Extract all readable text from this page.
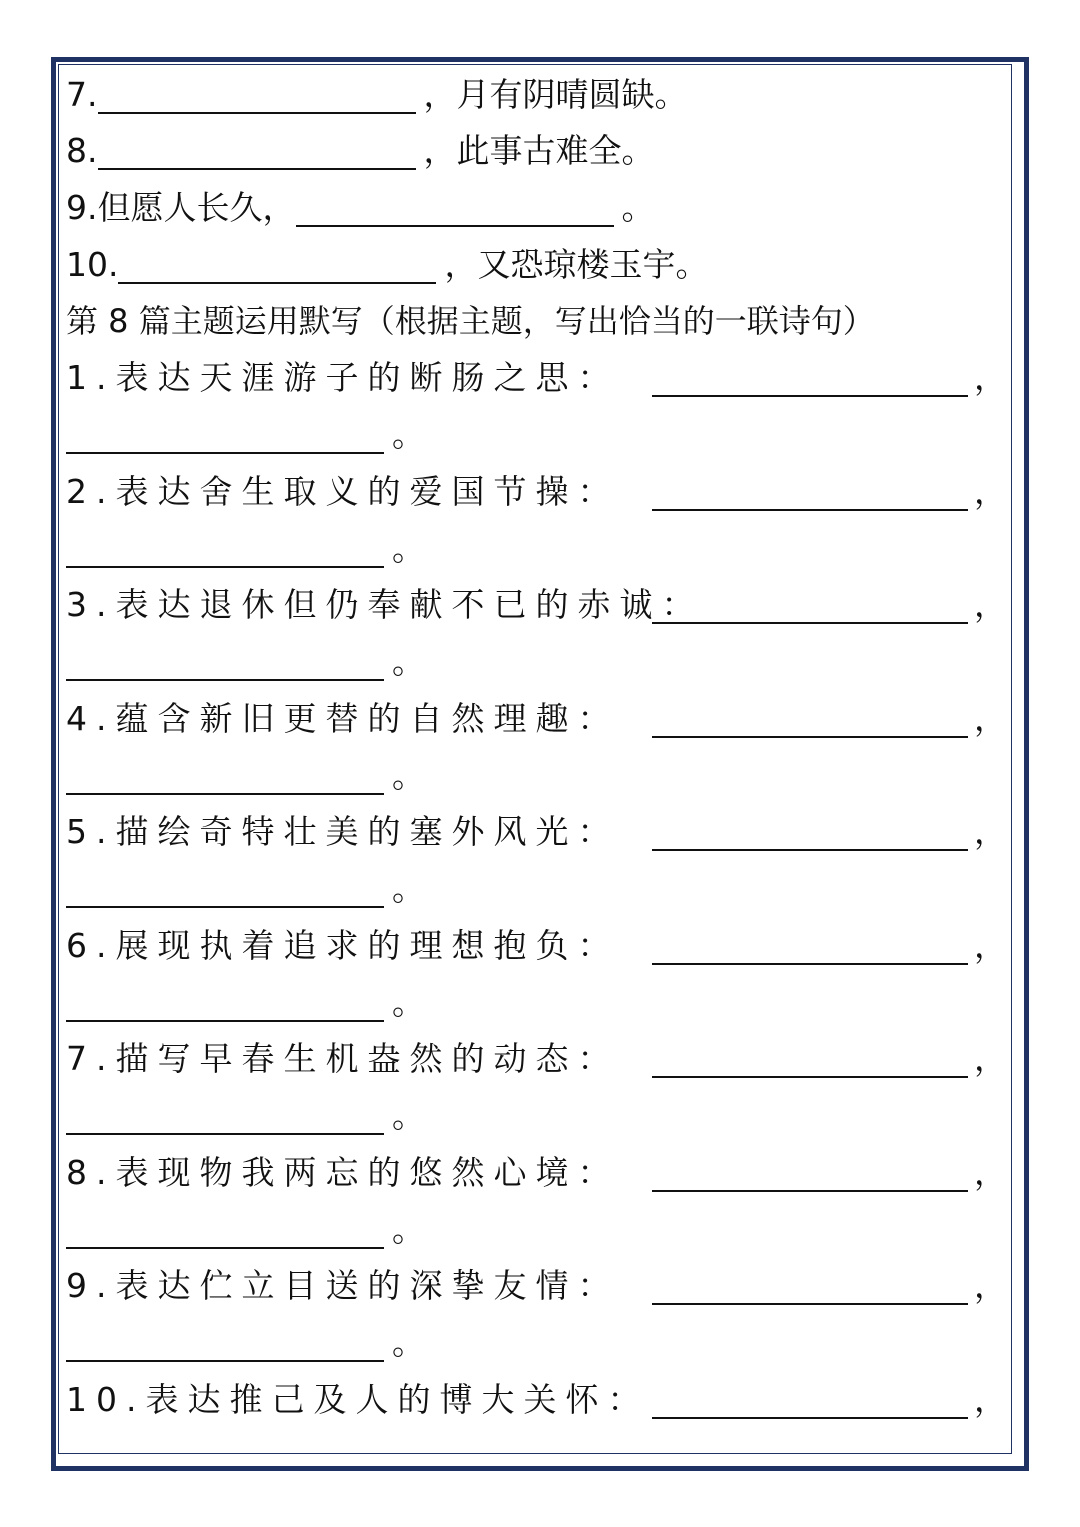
7.	，月有阴晴圆缺。
8.	，此事古难全。
9.但愿人长久，	。
10.	，又恐琼楼玉宇。
第 8 篇主题运用默写（根据主题，写出恰当的一联诗句）
1.表达天涯游子的断肠之思：	，
。
2.表达舍生取义的爱国节操：	，
。
3.表达退休但仍奉献不已的赤诚：	，
。
4.蕴含新旧更替的自然理趣：	，
。
5.描绘奇特壮美的塞外风光：	，
。
6.展现执着追求的理想抱负：	，
。
7.描写早春生机盎然的动态：	，
。
8.表现物我两忘的悠然心境：	，
。
9.表达伫立目送的深挚友情：	，
。
10.表达推己及人的博大关怀：	，
